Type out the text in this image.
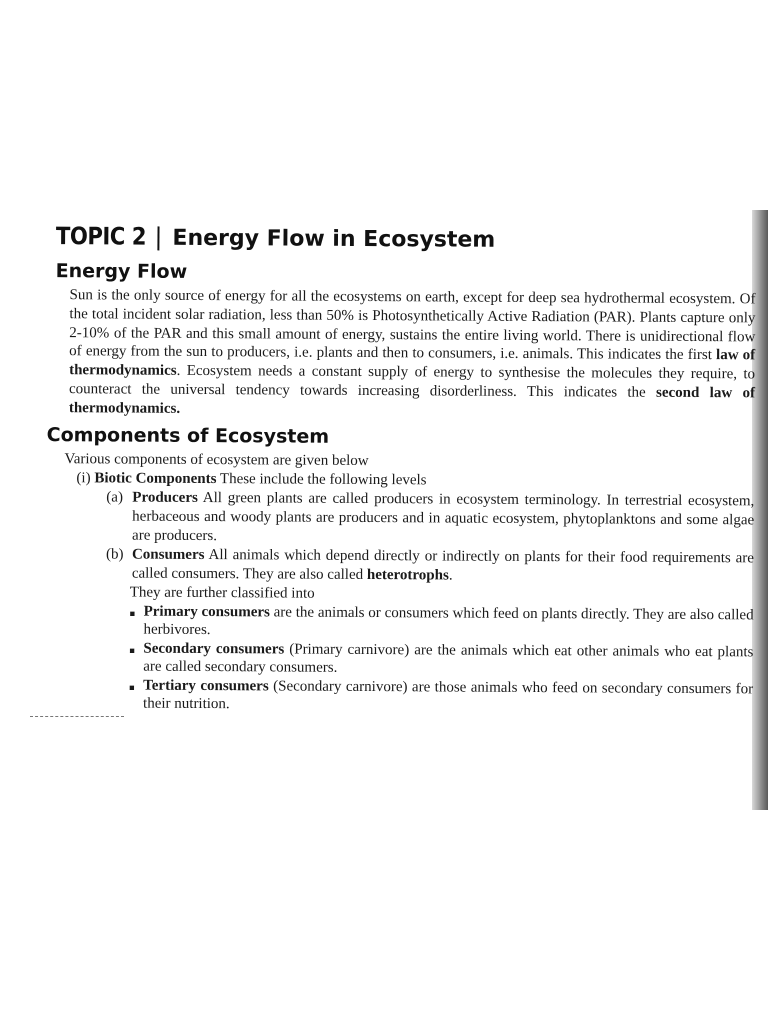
TOPIC 2 | Energy Flow in Ecosystem
Energy Flow

Sun is the only source of energy for all the ecosystems on earth, except for deep sea hydrothermal ecosystem. Of the total incident solar radiation, less than 50% is Photosynthetically Active Radiation (PAR). Plants capture only 2-10% of the PAR and this small amount of energy, sustains the entire living world. There is unidirectional flow of energy from the sun to producers, i.e. plants and then to consumers, i.e. animals. This indicates the first law of thermodynamics. Ecosystem needs a constant supply of energy to synthesise the molecules they require, to counteract the universal tendency towards increasing disorderliness. This indicates the second law of thermodynamics.

Components of Ecosystem
Various components of ecosystem are given below
(i) Biotic Components These include the following levels
(a) Producers All green plants are called producers in ecosystem terminology. In terrestrial ecosystem, herbaceous and woody plants are producers and in aquatic ecosystem, phytoplanktons and some algae are producers.
(b) Consumers All animals which depend directly or indirectly on plants for their food requirements are called consumers. They are also called heterotrophs.
They are further classified into
■ Primary consumers are the animals or consumers which feed on plants directly. They are also called herbivores.
■ Secondary consumers (Primary carnivore) are the animals which eat other animals who eat plants are called secondary consumers.
■ Tertiary consumers (Secondary carnivore) are those animals who feed on secondary consumers for their nutrition.
